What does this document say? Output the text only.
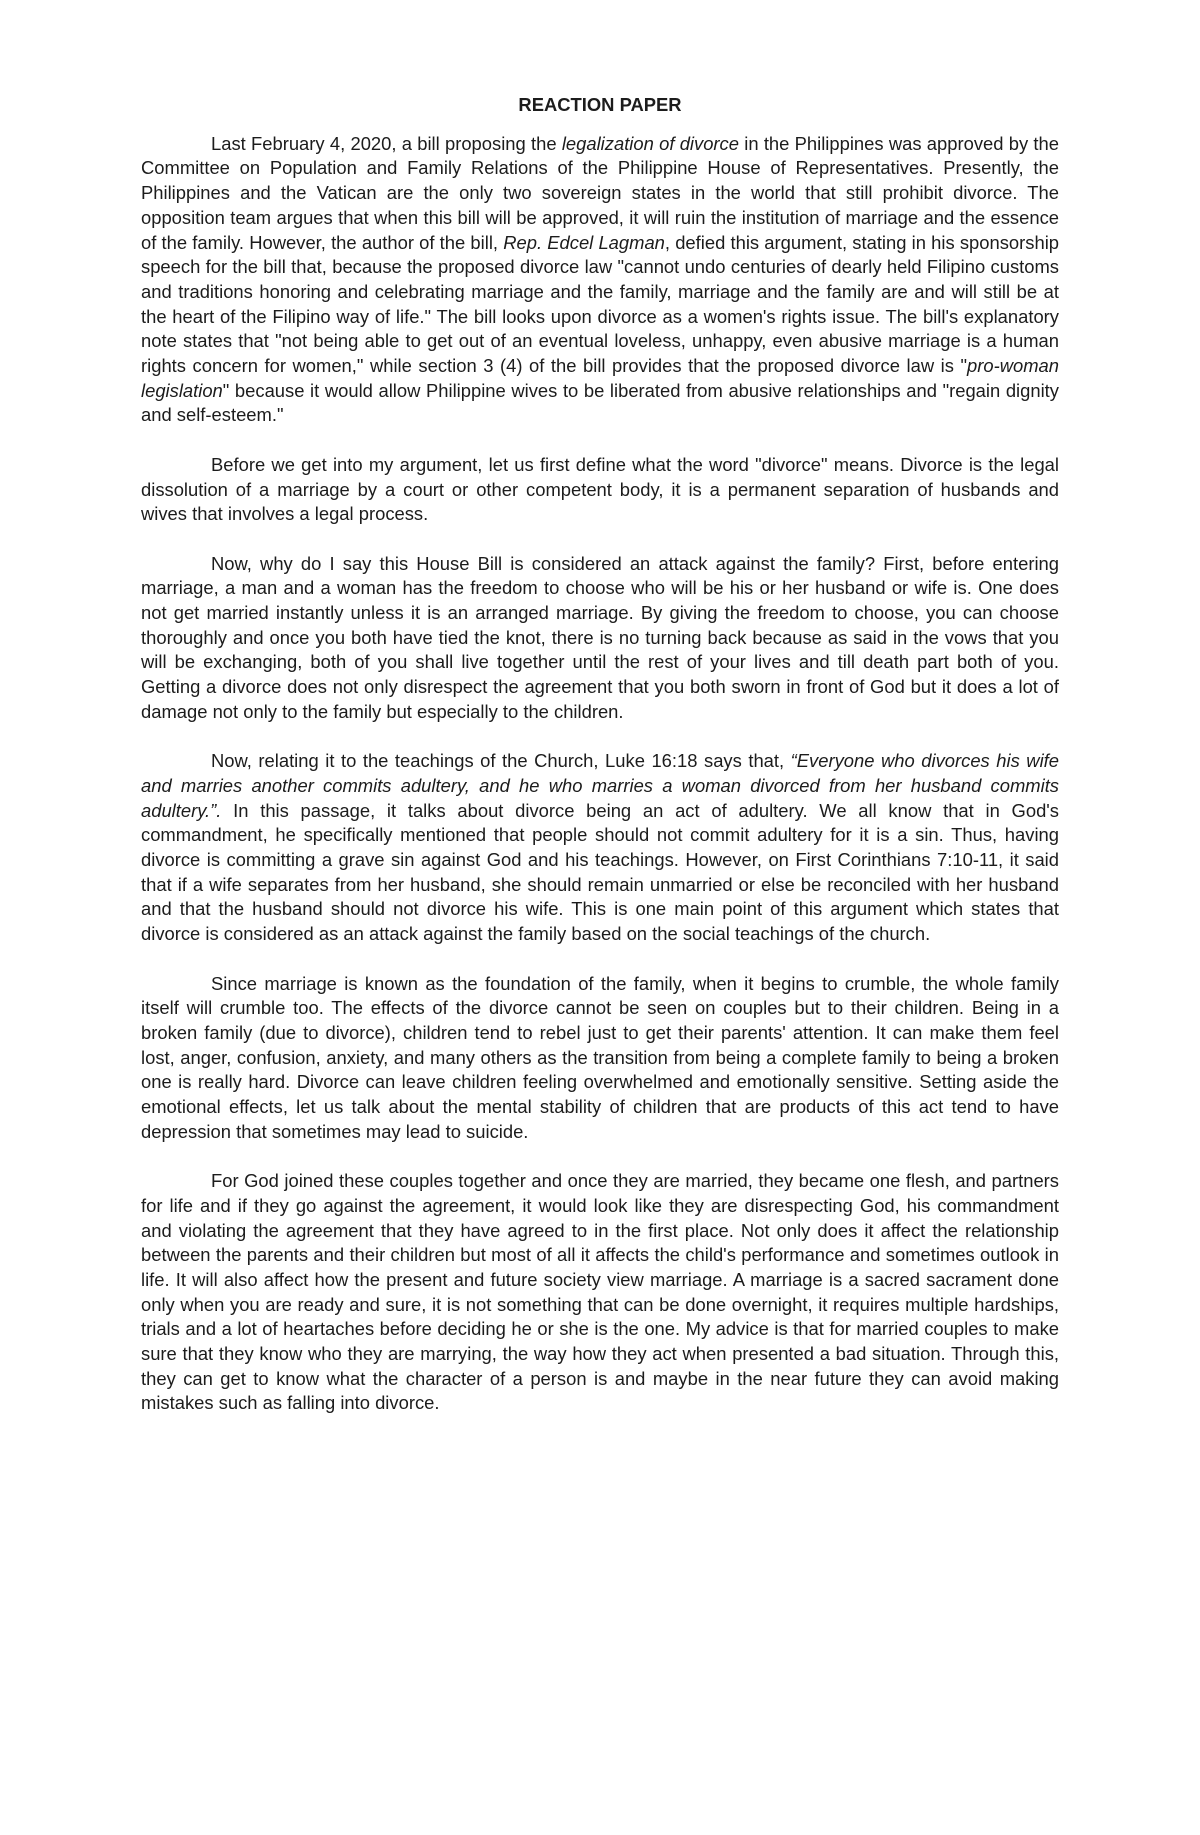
REACTION PAPER

Last February 4, 2020, a bill proposing the legalization of divorce in the Philippines was approved by the Committee on Population and Family Relations of the Philippine House of Representatives. Presently, the Philippines and the Vatican are the only two sovereign states in the world that still prohibit divorce. The opposition team argues that when this bill will be approved, it will ruin the institution of marriage and the essence of the family. However, the author of the bill, Rep. Edcel Lagman, defied this argument, stating in his sponsorship speech for the bill that, because the proposed divorce law "cannot undo centuries of dearly held Filipino customs and traditions honoring and celebrating marriage and the family, marriage and the family are and will still be at the heart of the Filipino way of life." The bill looks upon divorce as a women's rights issue. The bill's explanatory note states that "not being able to get out of an eventual loveless, unhappy, even abusive marriage is a human rights concern for women," while section 3 (4) of the bill provides that the proposed divorce law is "pro-woman legislation" because it would allow Philippine wives to be liberated from abusive relationships and "regain dignity and self-esteem."

Before we get into my argument, let us first define what the word "divorce" means. Divorce is the legal dissolution of a marriage by a court or other competent body, it is a permanent separation of husbands and wives that involves a legal process.

Now, why do I say this House Bill is considered an attack against the family? First, before entering marriage, a man and a woman has the freedom to choose who will be his or her husband or wife is. One does not get married instantly unless it is an arranged marriage. By giving the freedom to choose, you can choose thoroughly and once you both have tied the knot, there is no turning back because as said in the vows that you will be exchanging, both of you shall live together until the rest of your lives and till death part both of you. Getting a divorce does not only disrespect the agreement that you both sworn in front of God but it does a lot of damage not only to the family but especially to the children.

Now, relating it to the teachings of the Church, Luke 16:18 says that, “Everyone who divorces his wife and marries another commits adultery, and he who marries a woman divorced from her husband commits adultery.”. In this passage, it talks about divorce being an act of adultery. We all know that in God's commandment, he specifically mentioned that people should not commit adultery for it is a sin. Thus, having divorce is committing a grave sin against God and his teachings. However, on First Corinthians 7:10-11, it said that if a wife separates from her husband, she should remain unmarried or else be reconciled with her husband and that the husband should not divorce his wife. This is one main point of this argument which states that divorce is considered as an attack against the family based on the social teachings of the church.

Since marriage is known as the foundation of the family, when it begins to crumble, the whole family itself will crumble too. The effects of the divorce cannot be seen on couples but to their children. Being in a broken family (due to divorce), children tend to rebel just to get their parents' attention. It can make them feel lost, anger, confusion, anxiety, and many others as the transition from being a complete family to being a broken one is really hard. Divorce can leave children feeling overwhelmed and emotionally sensitive. Setting aside the emotional effects, let us talk about the mental stability of children that are products of this act tend to have depression that sometimes may lead to suicide.

For God joined these couples together and once they are married, they became one flesh, and partners for life and if they go against the agreement, it would look like they are disrespecting God, his commandment and violating the agreement that they have agreed to in the first place. Not only does it affect the relationship between the parents and their children but most of all it affects the child's performance and sometimes outlook in life. It will also affect how the present and future society view marriage. A marriage is a sacred sacrament done only when you are ready and sure, it is not something that can be done overnight, it requires multiple hardships, trials and a lot of heartaches before deciding he or she is the one. My advice is that for married couples to make sure that they know who they are marrying, the way how they act when presented a bad situation. Through this, they can get to know what the character of a person is and maybe in the near future they can avoid making mistakes such as falling into divorce.
